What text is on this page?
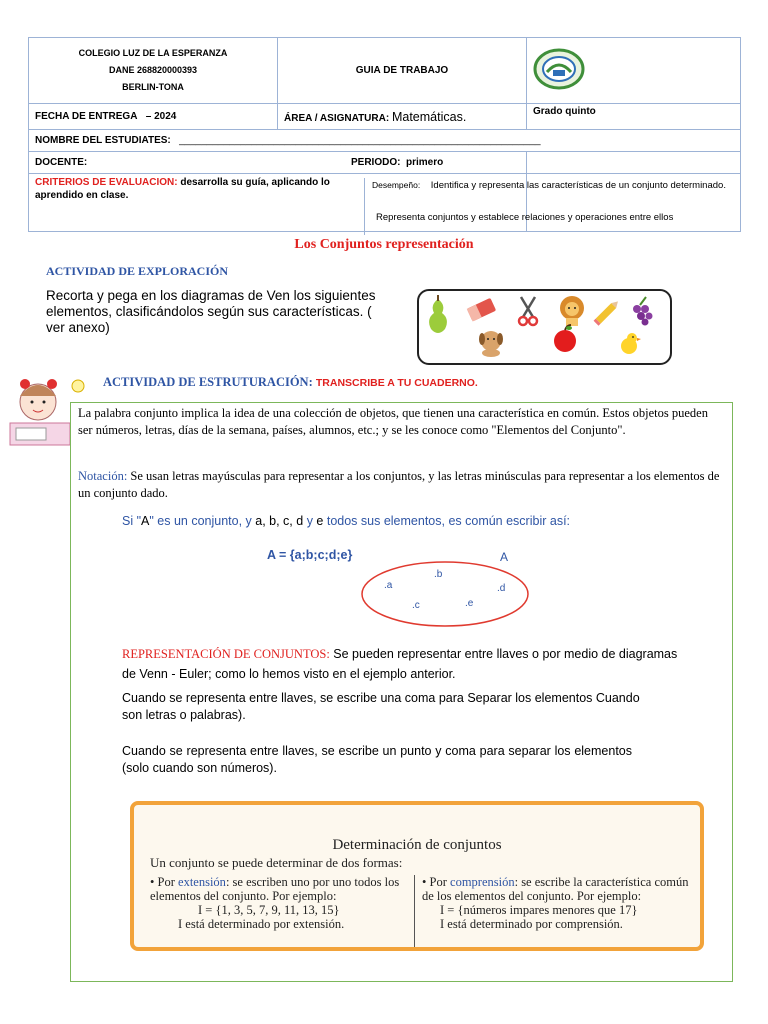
COLEGIO LUZ DE LA ESPERANZA
DANE 268820000393
BERLIN-TONA	GUIA DE TRABAJO	
FECHA DE ENTREGA – 2024	ÁREA / ASIGNATURA: Matemáticas.	Grado quinto
NOMBRE DEL ESTUDIATES: _________________________________________________________________		

DOCENTE: PERIODO: primero		

CRITERIOS DE EVALUACION: desarrolla su guía, aplicando lo aprendido en clase.		

Desempeño: Identifica y representa las características de un conjunto determinado.
Representa conjuntos y establece relaciones y operaciones entre ellos
Los Conjuntos representación
ACTIVIDAD DE EXPLORACIÓN
Recorta y pega en los diagramas de Ven los siguientes elementos, clasificándolos según sus características. ( ver anexo)
ACTIVIDAD DE ESTRUTURACIÓN: TRANSCRIBE A TU CUADERNO.
La palabra conjunto implica la idea de una colección de objetos, que tienen una característica en común. Estos objetos pueden ser números, letras, días de la semana, países, alumnos, etc.; y se les conoce como "Elementos del Conjunto".
Notación: Se usan letras mayúsculas para representar a los conjuntos, y las letras minúsculas para representar a los elementos de un conjunto dado.
Si "A" es un conjunto, y a, b, c, d y e todos sus elementos, es común escribir así:
A = {a;b;c;d;e}	A
.a
.b
.c
.d
.e
REPRESENTACIÓN DE CONJUNTOS: Se pueden representar entre llaves o por medio de diagramas de Venn - Euler; como lo hemos visto en el ejemplo anterior.
Cuando se representa entre llaves, se escribe una coma para Separar los elementos Cuando son letras o palabras).
Cuando se representa entre llaves, se escribe un punto y coma para separar los elementos (solo cuando son números).
Determinación de conjuntos
Un conjunto se puede determinar de dos formas:
• Por extensión: se escriben uno por uno todos los elementos del conjunto. Por ejemplo:
I = {1, 3, 5, 7, 9, 11, 13, 15}
I está determinado por extensión.
• Por comprensión: se escribe la característica común de los elementos del conjunto. Por ejemplo:
I = {números impares menores que 17}
I está determinado por comprensión.
